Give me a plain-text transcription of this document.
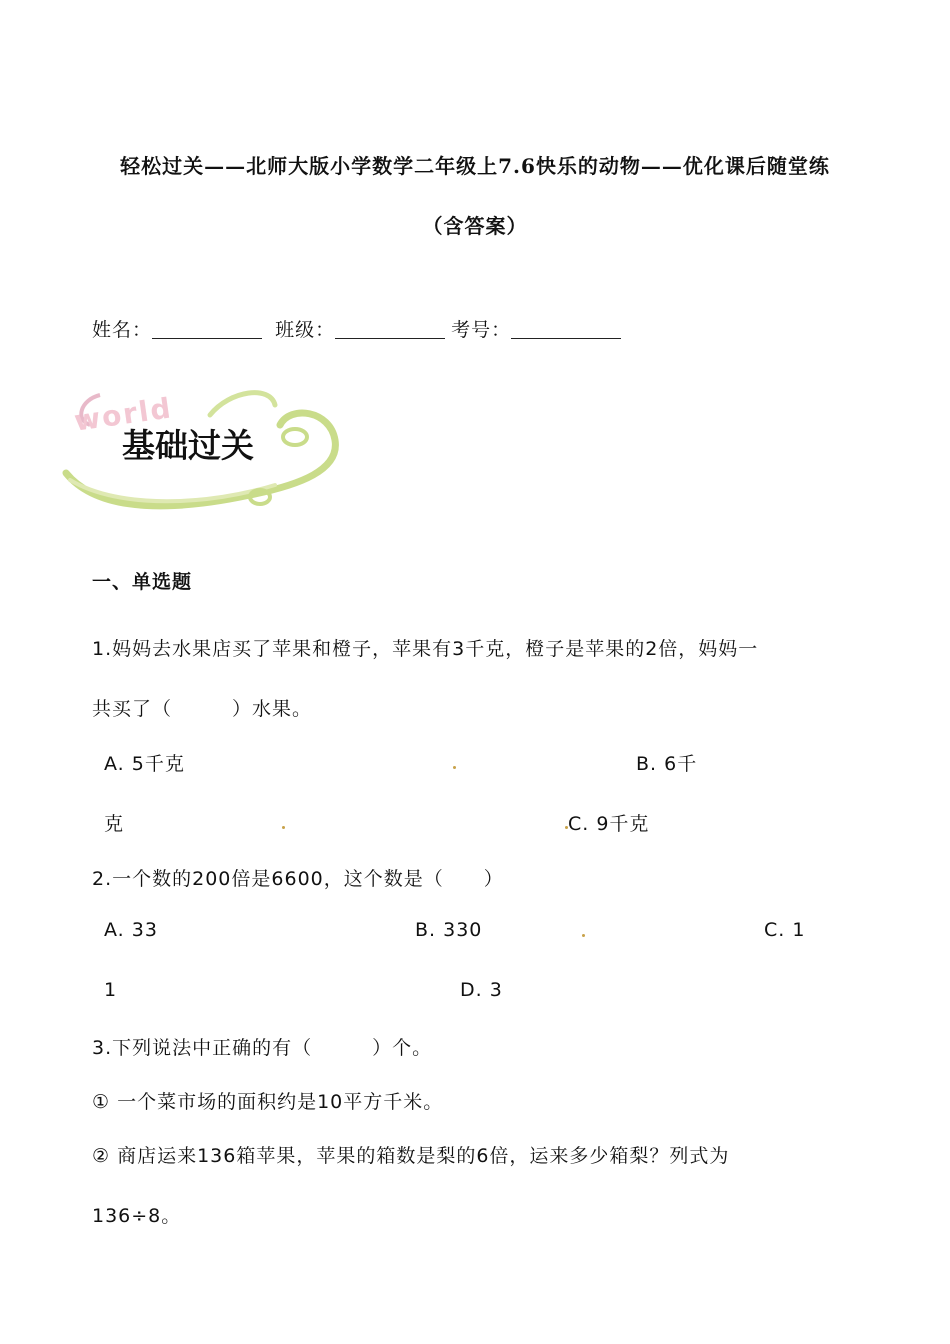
轻松过关——北师大版小学数学二年级上7.6快乐的动物——优化课后随堂练
（含答案）
姓名：	班级：	考号：
world
基础过关
一、单选题
1.妈妈去水果店买了苹果和橙子，苹果有3千克，橙子是苹果的2倍，妈妈一
共买了（　　　）水果。
A. 5千克	B. 6千
克	C. 9千克
2.一个数的200倍是6600，这个数是（　　）
A. 33	B. 330	C. 1
1	D. 3
3.下列说法中正确的有（　　　）个。
① 一个菜市场的面积约是10平方千米。
② 商店运来136箱苹果，苹果的箱数是梨的6倍，运来多少箱梨？列式为
136÷8。
